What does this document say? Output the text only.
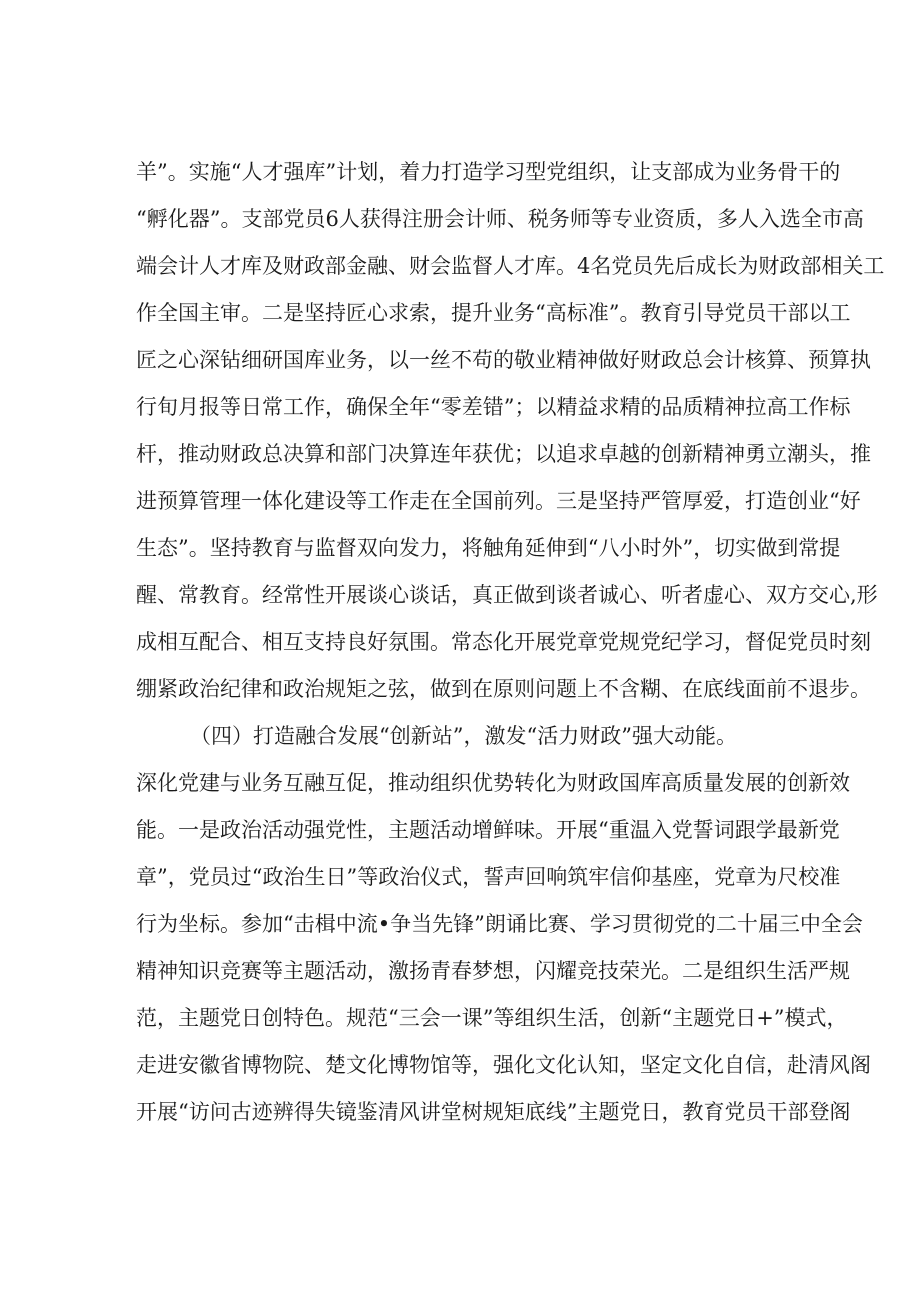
羊”。实施“人才强库”计划，着力打造学习型党组织，让支部成为业务骨干的
“孵化器”。支部党员6人获得注册会计师、税务师等专业资质，多人入选全市高
端会计人才库及财政部金融、财会监督人才库。4名党员先后成长为财政部相关工
作全国主审。二是坚持匠心求索，提升业务“高标准”。教育引导党员干部以工
匠之心深钻细研国库业务，以一丝不苟的敬业精神做好财政总会计核算、预算执
行旬月报等日常工作，确保全年“零差错”；以精益求精的品质精神拉高工作标
杆，推动财政总决算和部门决算连年获优；以追求卓越的创新精神勇立潮头，推
进预算管理一体化建设等工作走在全国前列。三是坚持严管厚爱，打造创业“好
生态”。坚持教育与监督双向发力，将触角延伸到“八小时外”，切实做到常提
醒、常教育。经常性开展谈心谈话，真正做到谈者诚心、听者虚心、双方交心,形
成相互配合、相互支持良好氛围。常态化开展党章党规党纪学习，督促党员时刻
绷紧政治纪律和政治规矩之弦，做到在原则问题上不含糊、在底线面前不退步。
（四）打造融合发展“创新站”，激发“活力财政”强大动能。
深化党建与业务互融互促，推动组织优势转化为财政国库高质量发展的创新效
能。一是政治活动强党性，主题活动增鲜味。开展“重温入党誓词跟学最新党
章”，党员过“政治生日”等政治仪式，誓声回响筑牢信仰基座，党章为尺校准
行为坐标。参加“击楫中流•争当先锋”朗诵比赛、学习贯彻党的二十届三中全会
精神知识竞赛等主题活动，激扬青春梦想，闪耀竞技荣光。二是组织生活严规
范，主题党日创特色。规范“三会一课”等组织生活，创新“主题党日+”模式，
走进安徽省博物院、楚文化博物馆等，强化文化认知，坚定文化自信，赴清风阁
开展“访问古迹辨得失镜鉴清风讲堂树规矩底线”主题党日，教育党员干部登阁
